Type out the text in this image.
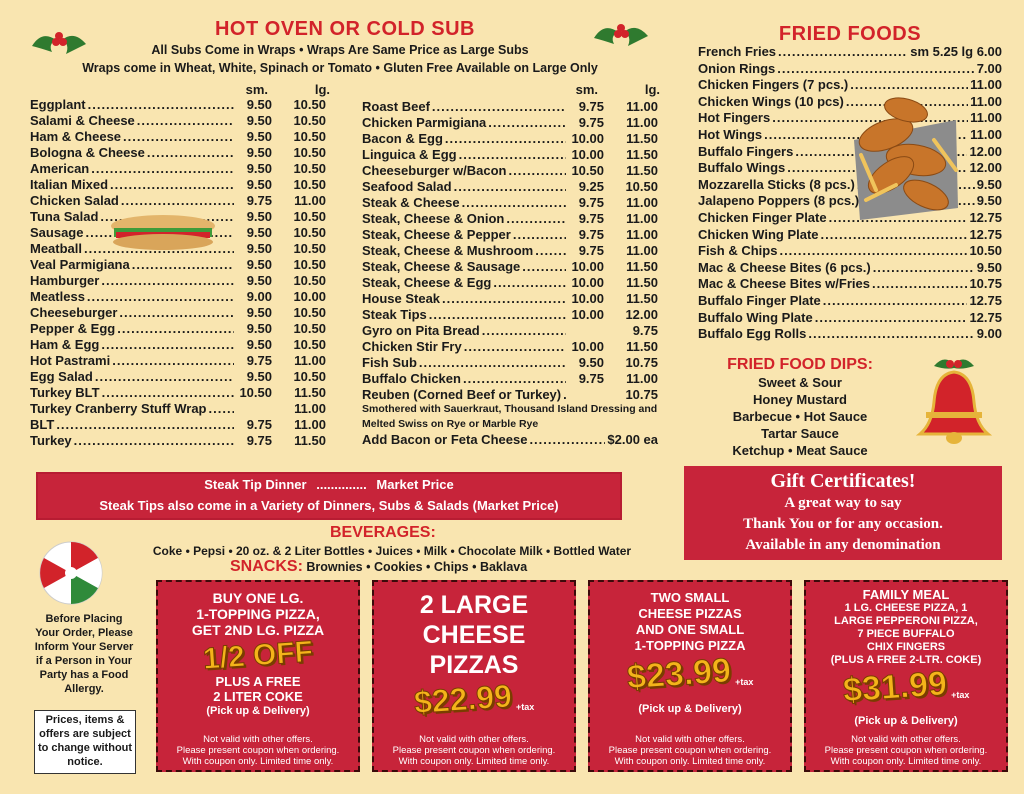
HOT OVEN OR COLD SUB
All Subs Come in Wraps • Wraps Are Same Price as Large Subs
Wraps come in Wheat, White, Spinach or Tomato • Gluten Free Available on Large Only
sm.	lg.	sm.	lg.
Eggplant .....	9.50 10.50
Salami & Cheese .....	9.50 10.50
Ham & Cheese .....	9.50 10.50
Bologna & Cheese .....	9.50 10.50
American .....	9.50 10.50
Italian Mixed .....	9.50 10.50
Chicken Salad .....	9.75 11.00
Tuna Salad .....	9.50 10.50
Sausage .....	9.50 10.50
Meatball .....	9.50 10.50
Veal Parmigiana .....	9.50 10.50
Hamburger .....	9.50 10.50
Meatless .....	9.00 10.00
Cheeseburger .....	9.50 10.50
Pepper & Egg .....	9.50 10.50
Ham & Egg .....	9.50 10.50
Hot Pastrami .....	9.75 11.00
Egg Salad .....	9.50 10.50
Turkey BLT .....	10.50 11.50
Turkey Cranberry Stuff Wrap .....	11.00
BLT .....	9.75 11.00
Turkey .....	9.75 11.50
Roast Beef .....	9.75 11.00
Chicken Parmigiana .....	9.75 11.00
Bacon & Egg .....	10.00 11.50
Linguica & Egg .....	10.00 11.50
Cheeseburger w/Bacon .....	10.50 11.50
Seafood Salad .....	9.25 10.50
Steak & Cheese .....	9.75 11.00
Steak, Cheese & Onion .....	9.75 11.00
Steak, Cheese & Pepper .....	9.75 11.00
Steak, Cheese & Mushroom .....	9.75 11.00
Steak, Cheese & Sausage .....	10.00 11.50
Steak, Cheese & Egg .....	10.00 11.50
House Steak .....	10.00 11.50
Steak Tips .....	10.00 12.00
Gyro on Pita Bread .....	9.75
Chicken Stir Fry .....	10.00 11.50
Fish Sub .....	9.50 10.75
Buffalo Chicken .....	9.75 11.00
Reuben (Corned Beef or Turkey) .....	10.75
Smothered with Sauerkraut, Thousand Island Dressing and Melted Swiss on Rye or Marble Rye
Add Bacon or Feta Cheese .....	$2.00 ea
FRIED FOODS
French Fries .....	sm 5.25 lg 6.00
Onion Rings .....	7.00
Chicken Fingers (7 pcs.) .....	11.00
Chicken Wings (10 pcs) .....	11.00
Hot Fingers .....	11.00
Hot Wings .....	11.00
Buffalo Fingers .....	12.00
Buffalo Wings .....	12.00
Mozzarella Sticks (8 pcs.) .....	9.50
Jalapeno Poppers (8 pcs.) .....	9.50
Chicken Finger Plate .....	12.75
Chicken Wing Plate .....	12.75
Fish & Chips .....	10.50
Mac & Cheese Bites (6 pcs.) .....	9.50
Mac & Cheese Bites w/Fries .....	10.75
Buffalo Finger Plate .....	12.75
Buffalo Wing Plate .....	12.75
Buffalo Egg Rolls .....	9.00
FRIED FOOD DIPS:
Sweet & Sour
Honey Mustard
Barbecue • Hot Sauce
Tartar Sauce
Ketchup • Meat Sauce
Steak Tip Dinner .............. Market Price
Steak Tips also come in a Variety of Dinners, Subs & Salads (Market Price)
Gift Certificates!
A great way to say
Thank You or for any occasion.
Available in any denomination
BEVERAGES:
Coke • Pepsi • 20 oz. & 2 Liter Bottles • Juices • Milk • Chocolate Milk • Bottled Water
SNACKS: Brownies • Cookies • Chips • Baklava
Before Placing Your Order, Please Inform Your Server if a Person in Your Party has a Food Allergy.
Prices, items & offers are subject to change without notice.
BUY ONE LG.
1-TOPPING PIZZA,
GET 2ND LG. PIZZA
1/2 OFF
PLUS A FREE
2 LITER COKE
(Pick up & Delivery)
Not valid with other offers.
Please present coupon when ordering.
With coupon only. Limited time only.
2 LARGE
CHEESE
PIZZAS
$22.99 +tax
Not valid with other offers.
Please present coupon when ordering.
With coupon only. Limited time only.
TWO SMALL
CHEESE PIZZAS
AND ONE SMALL
1-TOPPING PIZZA
$23.99 +tax
(Pick up & Delivery)
Not valid with other offers.
Please present coupon when ordering.
With coupon only. Limited time only.
FAMILY MEAL
1 LG. CHEESE PIZZA, 1
LARGE PEPPERONI PIZZA,
7 PIECE BUFFALO
CHIX FINGERS
(PLUS A FREE 2-LTR. COKE)
$31.99 +tax
(Pick up & Delivery)
Not valid with other offers.
Please present coupon when ordering.
With coupon only. Limited time only.
